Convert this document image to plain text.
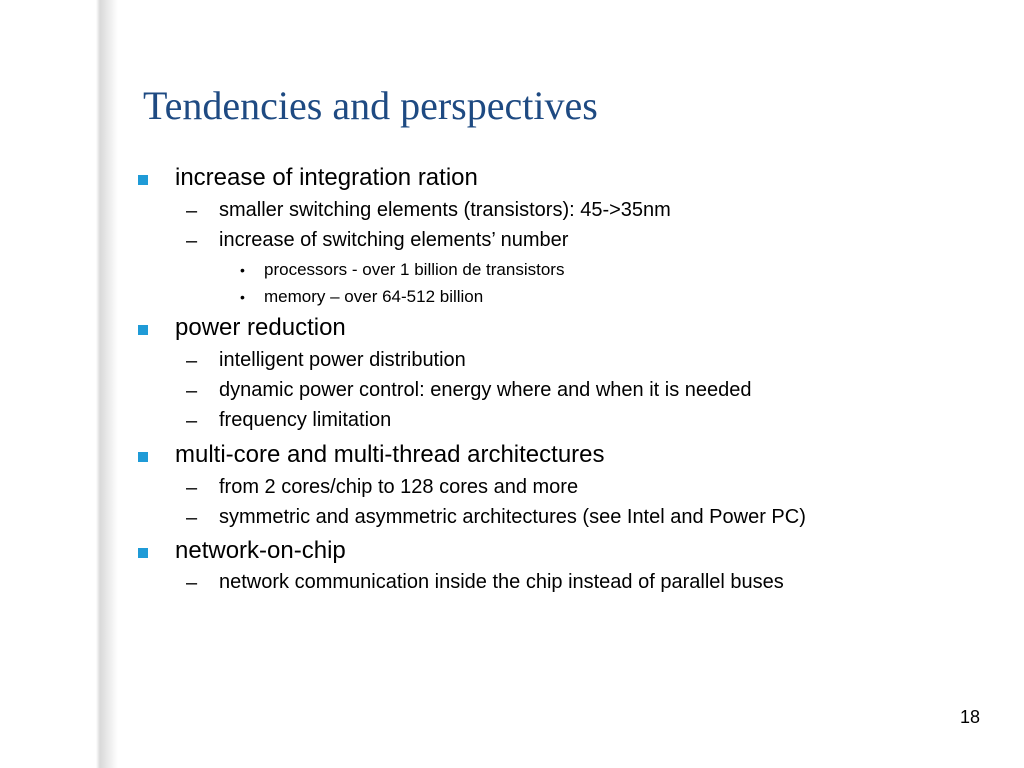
Tendencies and perspectives
increase of integration ration
– smaller switching elements (transistors): 45->35nm
– increase of switching elements’ number
• processors - over 1 billion de transistors
• memory – over 64-512 billion
power reduction
– intelligent power distribution
– dynamic power control: energy where and when it is needed
– frequency limitation
multi-core and multi-thread architectures
– from 2 cores/chip to 128 cores and more
– symmetric and asymmetric architectures (see Intel and Power PC)
network-on-chip
– network communication inside the chip instead of parallel buses
18
